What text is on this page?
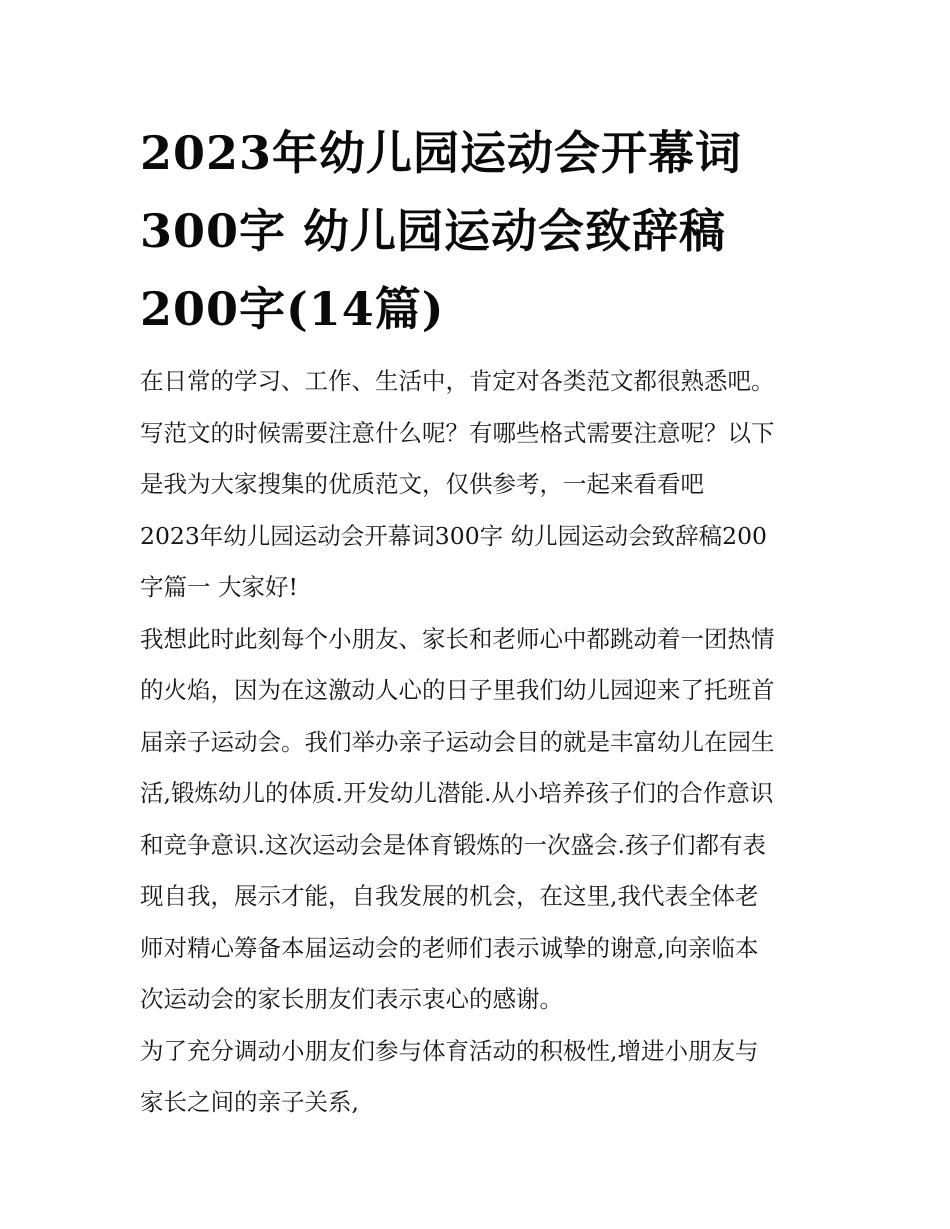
2023年幼儿园运动会开幕词
300字 幼儿园运动会致辞稿
200字(14篇)

在日常的学习、工作、生活中，肯定对各类范文都很熟悉吧。
写范文的时候需要注意什么呢？有哪些格式需要注意呢？以下
是我为大家搜集的优质范文，仅供参考，一起来看看吧

2023年幼儿园运动会开幕词300字 幼儿园运动会致辞稿200
字篇一 大家好!

我想此时此刻每个小朋友、家长和老师心中都跳动着一团热情
的火焰，因为在这激动人心的日子里我们幼儿园迎来了托班首
届亲子运动会。我们举办亲子运动会目的就是丰富幼儿在园生
活,锻炼幼儿的体质.开发幼儿潜能.从小培养孩子们的合作意识
和竞争意识.这次运动会是体育锻炼的一次盛会.孩子们都有表
现自我，展示才能，自我发展的机会，在这里,我代表全体老
师对精心筹备本届运动会的老师们表示诚挚的谢意,向亲临本
次运动会的家长朋友们表示衷心的感谢。

为了充分调动小朋友们参与体育活动的积极性,增进小朋友与
家长之间的亲子关系,
